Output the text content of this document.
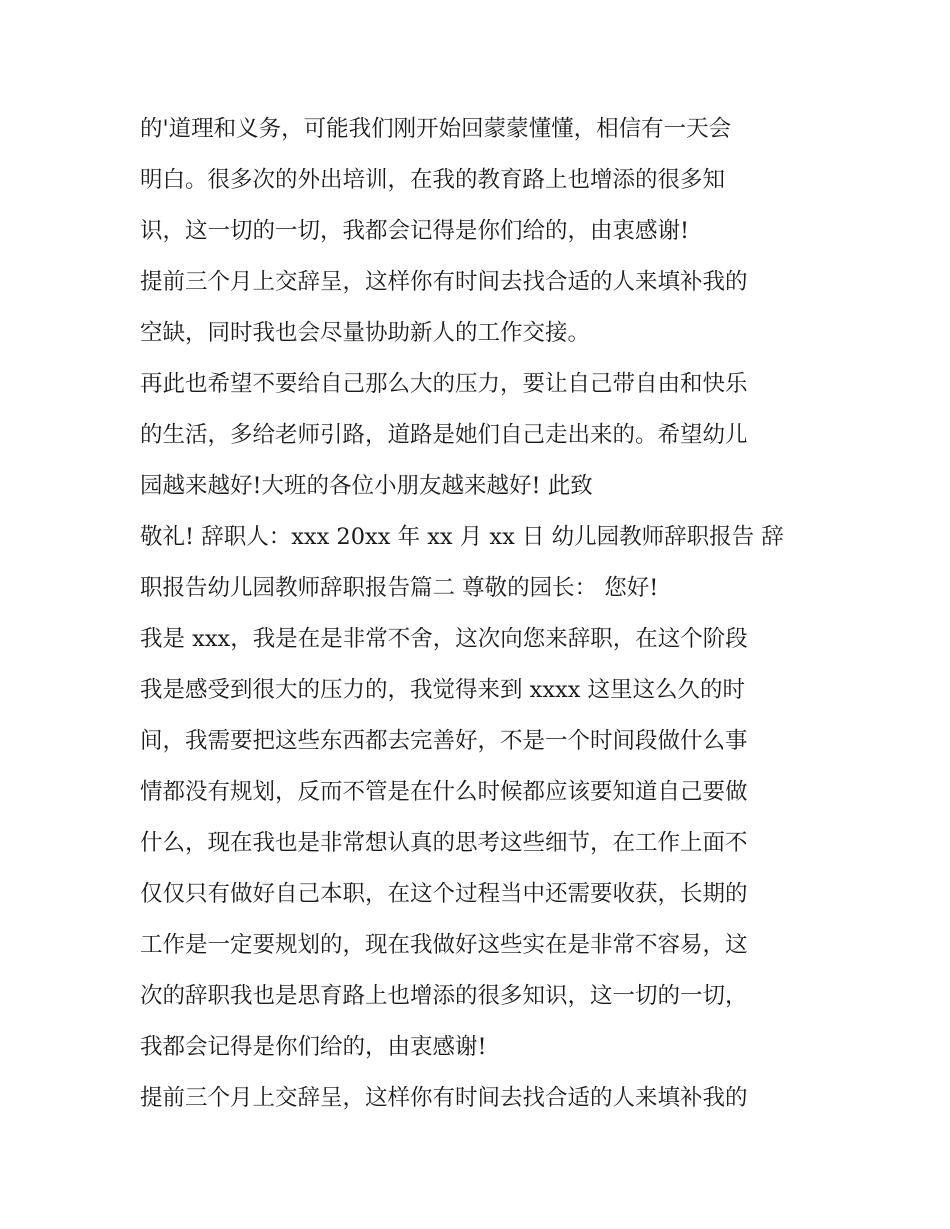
的'道理和义务，可能我们刚开始回蒙蒙懂懂，相信有一天会
明白。很多次的外出培训，在我的教育路上也增添的很多知
识，这一切的一切，我都会记得是你们给的，由衷感谢!
提前三个月上交辞呈，这样你有时间去找合适的人来填补我的
空缺，同时我也会尽量协助新人的工作交接。
再此也希望不要给自己那么大的压力，要让自己带自由和快乐
的生活，多给老师引路，道路是她们自己走出来的。希望幼儿
园越来越好!大班的各位小朋友越来越好! 此致
敬礼! 辞职人：xxx 20xx 年 xx 月 xx 日 幼儿园教师辞职报告 辞
职报告幼儿园教师辞职报告篇二 尊敬的园长： 您好!
我是 xxx，我是在是非常不舍，这次向您来辞职，在这个阶段
我是感受到很大的压力的，我觉得来到 xxxx 这里这么久的时
间，我需要把这些东西都去完善好，不是一个时间段做什么事
情都没有规划，反而不管是在什么时候都应该要知道自己要做
什么，现在我也是非常想认真的思考这些细节，在工作上面不
仅仅只有做好自己本职，在这个过程当中还需要收获，长期的
工作是一定要规划的，现在我做好这些实在是非常不容易，这
次的辞职我也是思育路上也增添的很多知识，这一切的一切，
我都会记得是你们给的，由衷感谢!
提前三个月上交辞呈，这样你有时间去找合适的人来填补我的
